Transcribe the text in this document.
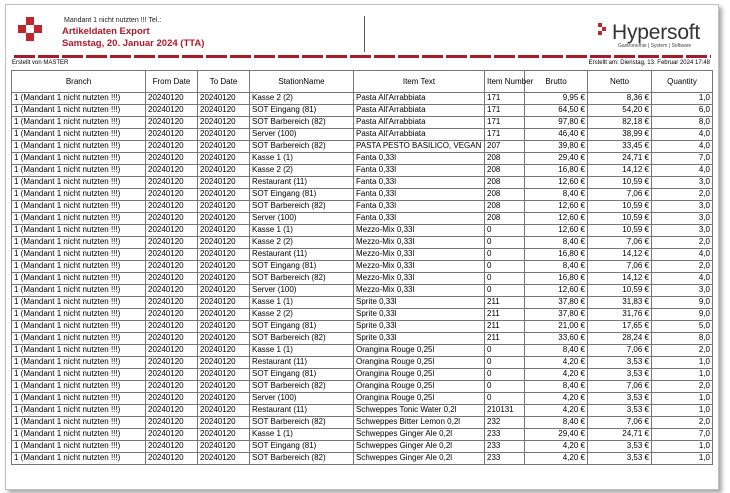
Mandant 1 nicht nutzten !!! Tel.:
Artikeldaten Export
Samstag, 20. Januar 2024 (TTA)	Hypersoft
Gastronomie | System | Software
Erstellt von MASTER	Erstellt am: Dienstag, 13. Februar 2024 17:48
Branch	From Date	To Date	StationName	Item Text	Item Number	Brutto	Netto	Quantity
1 (Mandant 1 nicht nutzten !!!)	20240120	20240120	Kasse 2 (2)	Pasta All'Arrabbiata	171	9,95 €	8,36 €	1,0
1 (Mandant 1 nicht nutzten !!!)	20240120	20240120	SOT Eingang (81)	Pasta All'Arrabbiata	171	64,50 €	54,20 €	6,0
1 (Mandant 1 nicht nutzten !!!)	20240120	20240120	SOT Barbereich (82)	Pasta All'Arrabbiata	171	97,80 €	82,18 €	8,0
1 (Mandant 1 nicht nutzten !!!)	20240120	20240120	Server (100)	Pasta All'Arrabbiata	171	46,40 €	38,99 €	4,0
1 (Mandant 1 nicht nutzten !!!)	20240120	20240120	SOT Barbereich (82)	PASTA PESTO BASILICO, VEGAN	207	39,80 €	33,45 €	4,0
1 (Mandant 1 nicht nutzten !!!)	20240120	20240120	Kasse 1 (1)	Fanta 0,33l	208	29,40 €	24,71 €	7,0
1 (Mandant 1 nicht nutzten !!!)	20240120	20240120	Kasse 2 (2)	Fanta 0,33l	208	16,80 €	14,12 €	4,0
1 (Mandant 1 nicht nutzten !!!)	20240120	20240120	Restaurant (11)	Fanta 0,33l	208	12,60 €	10,59 €	3,0
1 (Mandant 1 nicht nutzten !!!)	20240120	20240120	SOT Eingang (81)	Fanta 0,33l	208	8,40 €	7,06 €	2,0
1 (Mandant 1 nicht nutzten !!!)	20240120	20240120	SOT Barbereich (82)	Fanta 0,33l	208	12,60 €	10,59 €	3,0
1 (Mandant 1 nicht nutzten !!!)	20240120	20240120	Server (100)	Fanta 0,33l	208	12,60 €	10,59 €	3,0
1 (Mandant 1 nicht nutzten !!!)	20240120	20240120	Kasse 1 (1)	Mezzo-Mix 0,33l	0	12,60 €	10,59 €	3,0
1 (Mandant 1 nicht nutzten !!!)	20240120	20240120	Kasse 2 (2)	Mezzo-Mix 0,33l	0	8,40 €	7,06 €	2,0
1 (Mandant 1 nicht nutzten !!!)	20240120	20240120	Restaurant (11)	Mezzo-Mix 0,33l	0	16,80 €	14,12 €	4,0
1 (Mandant 1 nicht nutzten !!!)	20240120	20240120	SOT Eingang (81)	Mezzo-Mix 0,33l	0	8,40 €	7,06 €	2,0
1 (Mandant 1 nicht nutzten !!!)	20240120	20240120	SOT Barbereich (82)	Mezzo-Mix 0,33l	0	16,80 €	14,12 €	4,0
1 (Mandant 1 nicht nutzten !!!)	20240120	20240120	Server (100)	Mezzo-Mix 0,33l	0	12,60 €	10,59 €	3,0
1 (Mandant 1 nicht nutzten !!!)	20240120	20240120	Kasse 1 (1)	Sprite 0,33l	211	37,80 €	31,83 €	9,0
1 (Mandant 1 nicht nutzten !!!)	20240120	20240120	Kasse 2 (2)	Sprite 0,33l	211	37,80 €	31,76 €	9,0
1 (Mandant 1 nicht nutzten !!!)	20240120	20240120	SOT Eingang (81)	Sprite 0,33l	211	21,00 €	17,65 €	5,0
1 (Mandant 1 nicht nutzten !!!)	20240120	20240120	SOT Barbereich (82)	Sprite 0,33l	211	33,60 €	28,24 €	8,0
1 (Mandant 1 nicht nutzten !!!)	20240120	20240120	Kasse 1 (1)	Orangina Rouge 0,25l	0	8,40 €	7,06 €	2,0
1 (Mandant 1 nicht nutzten !!!)	20240120	20240120	Restaurant (11)	Orangina Rouge 0,25l	0	4,20 €	3,53 €	1,0
1 (Mandant 1 nicht nutzten !!!)	20240120	20240120	SOT Eingang (81)	Orangina Rouge 0,25l	0	4,20 €	3,53 €	1,0
1 (Mandant 1 nicht nutzten !!!)	20240120	20240120	SOT Barbereich (82)	Orangina Rouge 0,25l	0	8,40 €	7,06 €	2,0
1 (Mandant 1 nicht nutzten !!!)	20240120	20240120	Server (100)	Orangina Rouge 0,25l	0	4,20 €	3,53 €	1,0
1 (Mandant 1 nicht nutzten !!!)	20240120	20240120	Restaurant (11)	Schweppes Tonic Water 0,2l	210131	4,20 €	3,53 €	1,0
1 (Mandant 1 nicht nutzten !!!)	20240120	20240120	SOT Barbereich (82)	Schweppes Bitter Lemon 0,2l	232	8,40 €	7,06 €	2,0
1 (Mandant 1 nicht nutzten !!!)	20240120	20240120	Kasse 1 (1)	Schweppes Ginger Ale 0,2l	233	29,40 €	24,71 €	7,0
1 (Mandant 1 nicht nutzten !!!)	20240120	20240120	SOT Eingang (81)	Schweppes Ginger Ale 0,2l	233	4,20 €	3,53 €	1,0
1 (Mandant 1 nicht nutzten !!!)	20240120	20240120	SOT Barbereich (82)	Schweppes Ginger Ale 0,2l	233	4,20 €	3,53 €	1,0
